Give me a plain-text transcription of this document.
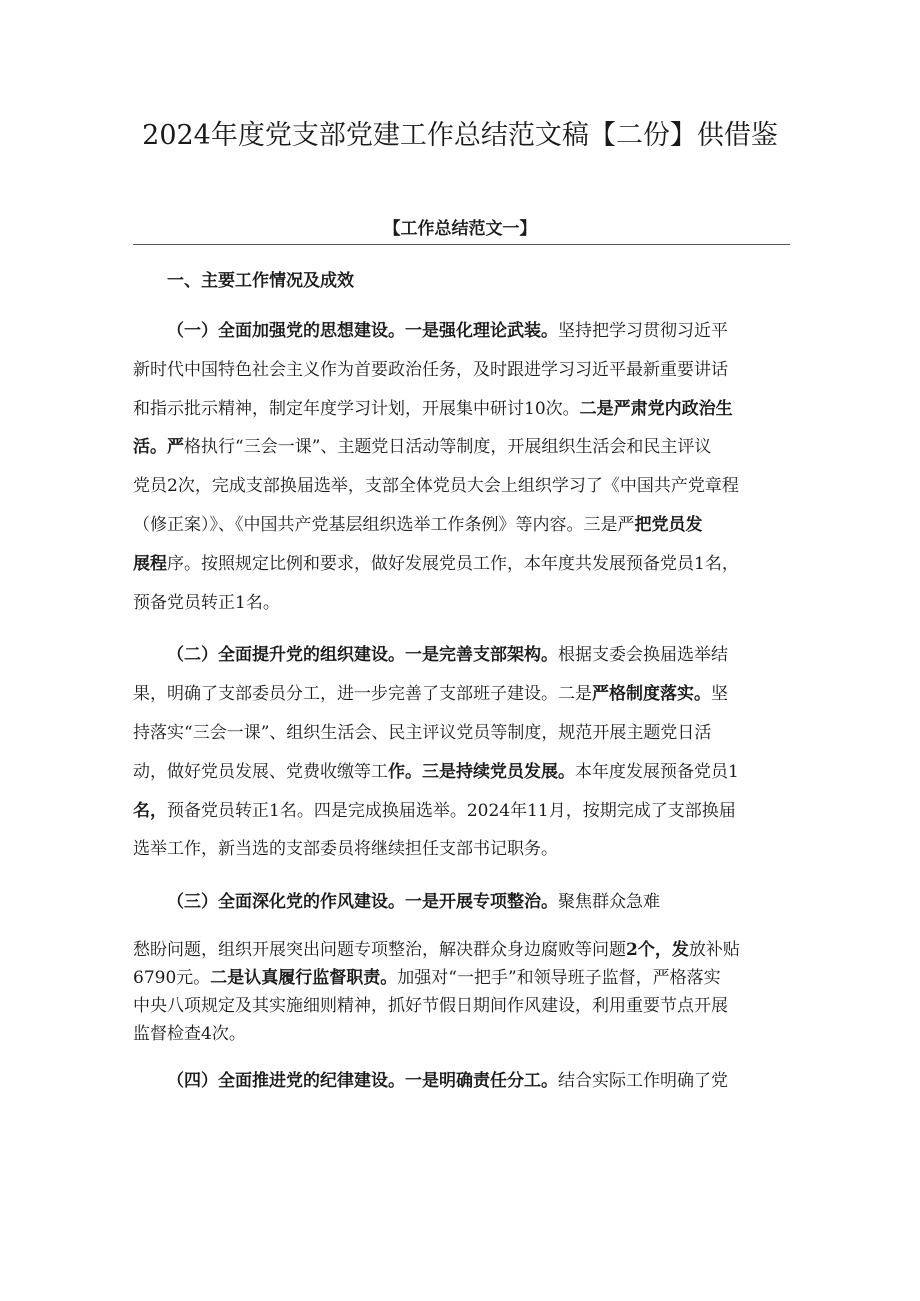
2024年度党支部党建工作总结范文稿【二份】供借鉴
【工作总结范文一】

一、主要工作情况及成效

（一）全面加强党的思想建设。一是强化理论武装。坚持把学习贯彻习近平
新时代中国特色社会主义作为首要政治任务，及时跟进学习习近平最新重要讲话
和指示批示精神，制定年度学习计划，开展集中研讨10次。二是严肃党内政治生
活。严格执行“三会一课”、主题党日活动等制度，开展组织生活会和民主评议
党员2次，完成支部换届选举，支部全体党员大会上组织学习了《中国共产党章程
（修正案）》、《中国共产党基层组织选举工作条例》等内容。三是严把党员发
展程序。按照规定比例和要求，做好发展党员工作，本年度共发展预备党员1名，
预备党员转正1名。
（二）全面提升党的组织建设。一是完善支部架构。根据支委会换届选举结
果，明确了支部委员分工，进一步完善了支部班子建设。二是严格制度落实。坚
持落实“三会一课”、组织生活会、民主评议党员等制度，规范开展主题党日活
动，做好党员发展、党费收缴等工作。三是持续党员发展。本年度发展预备党员1
名，预备党员转正1名。四是完成换届选举。2024年11月，按期完成了支部换届
选举工作，新当选的支部委员将继续担任支部书记职务。
（三）全面深化党的作风建设。一是开展专项整治。聚焦群众急难
愁盼问题，组织开展突出问题专项整治，解决群众身边腐败等问题2个，发放补贴
6790元。二是认真履行监督职责。加强对“一把手”和领导班子监督，严格落实
中央八项规定及其实施细则精神，抓好节假日期间作风建设，利用重要节点开展
监督检查4次。
（四）全面推进党的纪律建设。一是明确责任分工。结合实际工作明确了党
